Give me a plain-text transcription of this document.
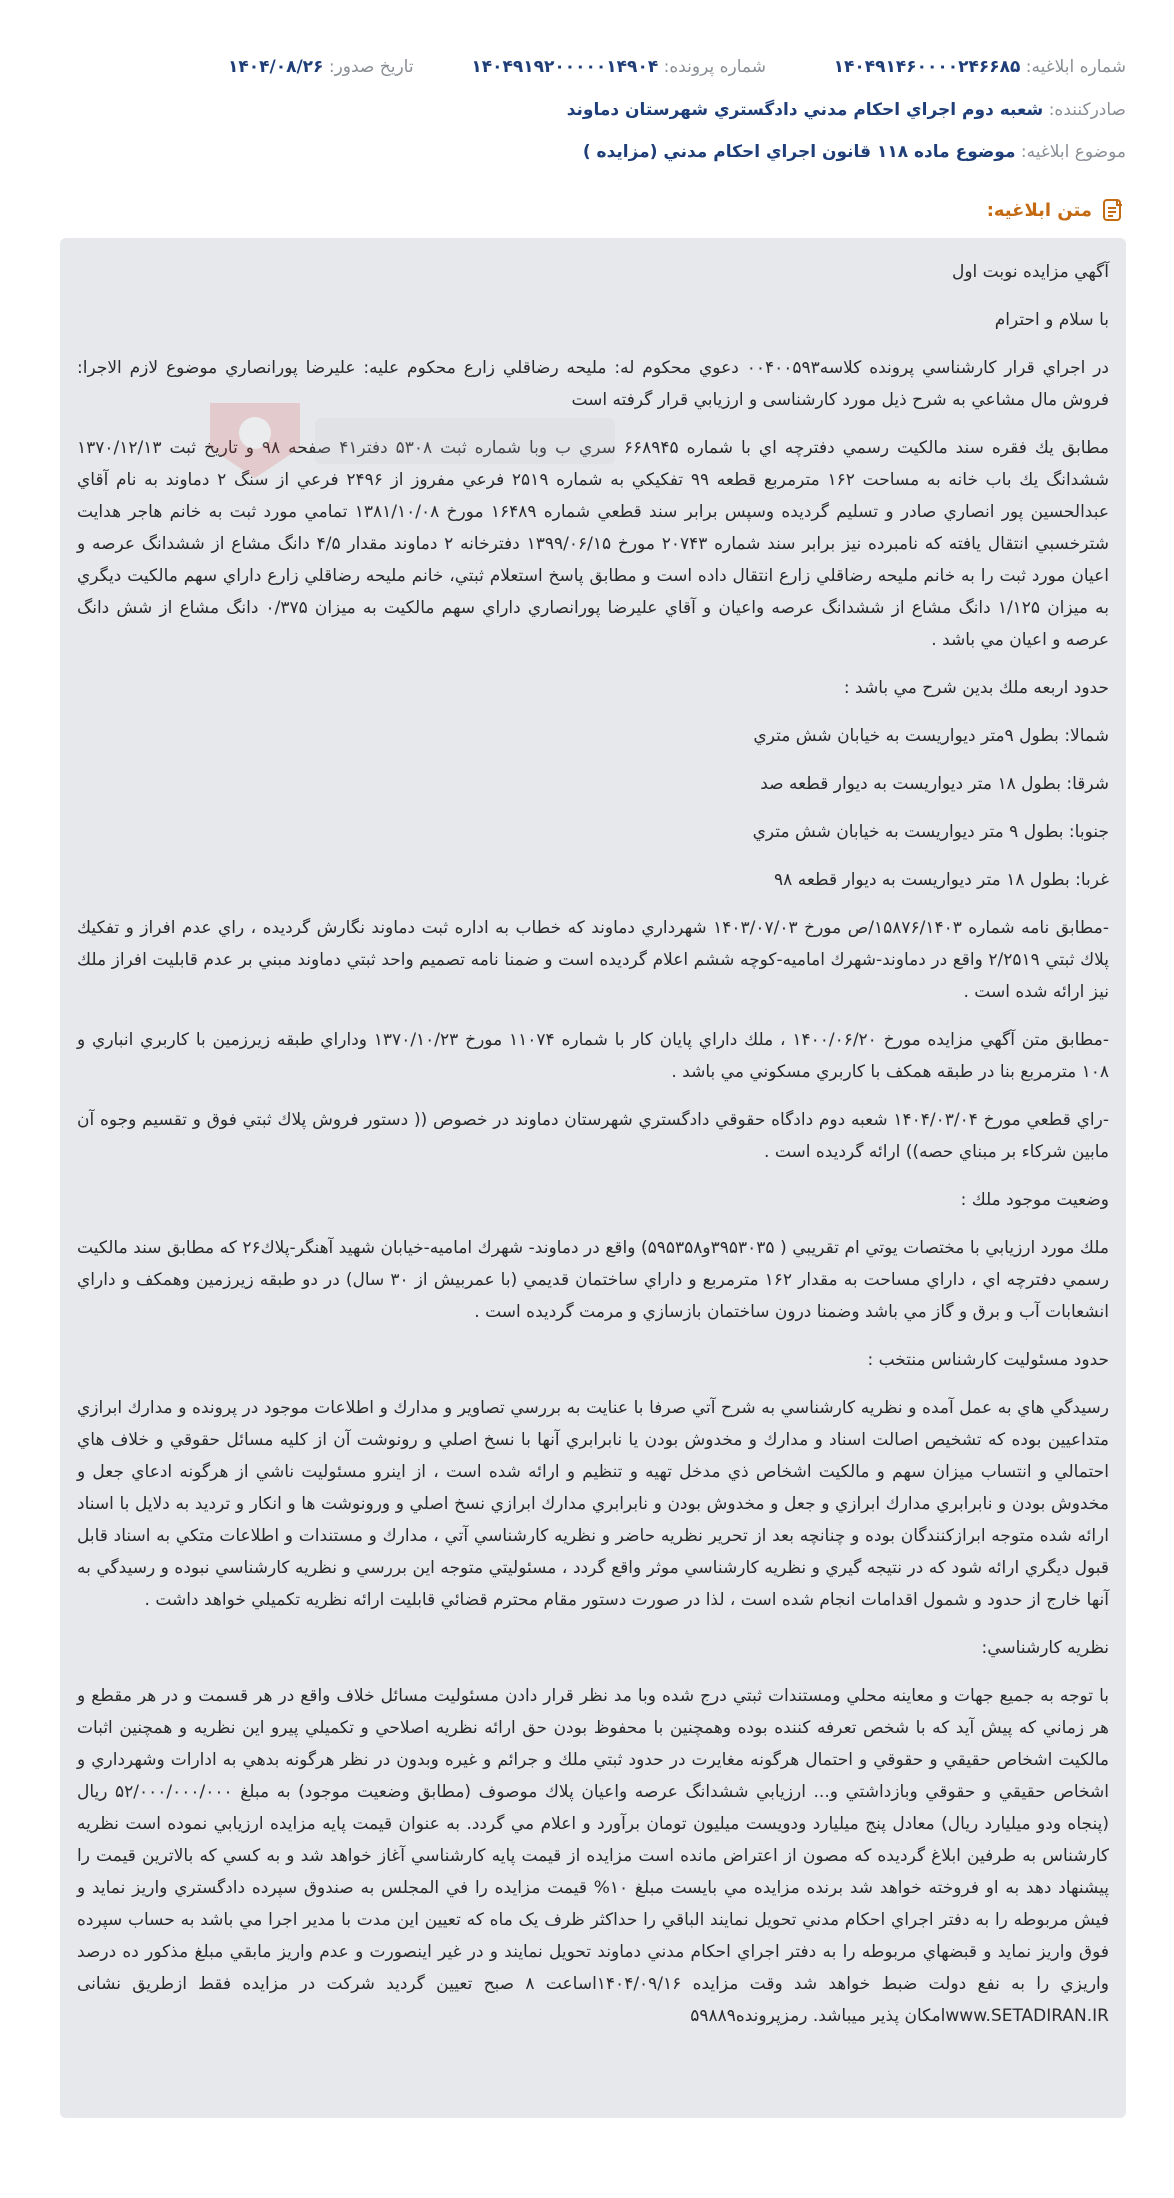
شماره ابلاغيه: ۱۴۰۴۹۱۴۶۰۰۰۰۲۴۶۶۸۵
شماره پرونده: ۱۴۰۴۹۱۹۲۰۰۰۰۰۱۴۹۰۴
تاريخ صدور: ۱۴۰۴/۰۸/۲۶
صادرکننده: شعبه دوم اجراي احكام مدني دادگستري شهرستان دماوند
موضوع ابلاغيه: موضوع ماده ۱۱۸ قانون اجراي احكام مدني (مزايده )
متن ابلاغيه:

آگهي مزايده نوبت اول

با سلام و احترام

در اجراي قرار كارشناسي پرونده كلاسه۰۰۴۰۰۵۹۳ دعوي محكوم له: مليحه رضاقلي زارع محكوم عليه: عليرضا پورانصاري موضوع لازم الاجرا: فروش مال مشاعي به شرح ذيل مورد کارشناسی و ارزيابي قرار گرفته است

مطابق يك فقره سند مالكيت رسمي دفترچه اي با شماره ۶۶۸۹۴۵ سري ب وبا شماره ثبت ۵۳۰۸ دفتر۴۱ صفحه ۹۸ و تاريخ ثبت ۱۳۷۰/۱۲/۱۳ ششدانگ يك باب خانه به مساحت ۱۶۲ مترمربع قطعه ۹۹ تفكيكي به شماره ۲۵۱۹ فرعي مفروز از ۲۴۹۶ فرعي از سنگ ۲ دماوند به نام آقاي عبدالحسين پور انصاري صادر و تسليم گرديده وسپس برابر سند قطعي شماره ۱۶۴۸۹ مورخ ۱۳۸۱/۱۰/۰۸ تمامي مورد ثبت به خانم هاجر هدايت شترخسبي انتقال يافته كه نامبرده نيز برابر سند شماره ۲۰۷۴۳ مورخ ۱۳۹۹/۰۶/۱۵ دفترخانه ۲ دماوند مقدار ۴/۵ دانگ مشاع از ششدانگ عرصه و اعيان مورد ثبت را به خانم مليحه رضاقلي زارع انتقال داده است و مطابق پاسخ استعلام ثبتي، خانم مليحه رضاقلي زارع داراي سهم مالكيت ديگري به ميزان ۱/۱۲۵ دانگ مشاع از ششدانگ عرصه واعيان و آقاي عليرضا پورانصاري داراي سهم مالكيت به ميزان ۰/۳۷۵ دانگ مشاع از شش دانگ عرصه و اعيان مي باشد .

حدود اربعه ملك بدين شرح مي باشد :

شمالا: بطول ۹متر ديواريست به خيابان شش متري

شرقا: بطول ۱۸ متر ديواريست به ديوار قطعه صد

جنوبا: بطول ۹ متر ديواريست به خيابان شش متري

غربا: بطول ۱۸ متر ديواريست به ديوار قطعه ۹۸

-مطابق نامه شماره ۱۵۸۷۶/۱۴۰۳/ص مورخ ۱۴۰۳/۰۷/۰۳ شهرداري دماوند كه خطاب به اداره ثبت دماوند نگارش گرديده ، راي عدم افراز و تفكيك پلاك ثبتي ۲/۲۵۱۹ واقع در دماوند-شهرك اماميه-كوچه ششم اعلام گرديده است و ضمنا نامه تصميم واحد ثبتي دماوند مبني بر عدم قابليت افراز ملك نيز ارائه شده است .

-مطابق متن آگهي مزايده مورخ ۱۴۰۰/۰۶/۲۰ ، ملك داراي پايان كار با شماره ۱۱۰۷۴ مورخ ۱۳۷۰/۱۰/۲۳ وداراي طبقه زيرزمين با كاربري انباري و ۱۰۸ مترمربع بنا در طبقه همكف با كاربري مسكوني مي باشد .

-راي قطعي مورخ ۱۴۰۴/۰۳/۰۴ شعبه دوم دادگاه حقوقي دادگستري شهرستان دماوند در خصوص (( دستور فروش پلاك ثبتي فوق و تقسيم وجوه آن مابين شركاء بر مبناي حصه)) ارائه گرديده است .

وضعيت موجود ملك :

ملك مورد ارزيابي با مختصات يوتي ام تقريبي ( ۳۹۵۳۰۳۵و۵۹۵۳۵۸) واقع در دماوند- شهرك اماميه-خيابان شهيد آهنگر-پلاك۲۶ كه مطابق سند مالكيت رسمي دفترچه اي ، داراي مساحت به مقدار ۱۶۲ مترمربع و داراي ساختمان قديمي (با عمربيش از ۳۰ سال) در دو طبقه زيرزمين وهمكف و داراي انشعابات آب و برق و گاز مي باشد وضمنا درون ساختمان بازسازي و مرمت گرديده است .

حدود مسئوليت كارشناس منتخب :

رسيدگي هاي به عمل آمده و نظريه كارشناسي به شرح آتي صرفا با عنايت به بررسي تصاوير و مدارك و اطلاعات موجود در پرونده و مدارك ابرازي متداعيين بوده كه تشخيص اصالت اسناد و مدارك و مخدوش بودن يا نابرابري آنها با نسخ اصلي و رونوشت آن از كليه مسائل حقوقي و خلاف هاي احتمالي و انتساب ميزان سهم و مالكيت اشخاص ذي مدخل تهيه و تنظيم و ارائه شده است ، از اينرو مسئوليت ناشي از هرگونه ادعاي جعل و مخدوش بودن و نابرابري مدارك ابرازي و جعل و مخدوش بودن و نابرابري مدارك ابرازي نسخ اصلي و ورونوشت ها و انكار و ترديد به دلايل با اسناد ارائه شده متوجه ابرازكنندگان بوده و چنانچه بعد از تحرير نظريه حاضر و نظريه كارشناسي آتي ، مدارك و مستندات و اطلاعات متكي به اسناد قابل قبول ديگري ارائه شود كه در نتيجه گيري و نظريه كارشناسي موثر واقع گردد ، مسئوليتي متوجه اين بررسي و نظريه كارشناسي نبوده و رسيدگي به آنها خارج از حدود و شمول اقدامات انجام شده است ، لذا در صورت دستور مقام محترم قضائي قابليت ارائه نظريه تكميلي خواهد داشت .

نظريه كارشناسي:

با توجه به جميع جهات و معاينه محلي ومستندات ثبتي درج شده وبا مد نظر قرار دادن مسئوليت مسائل خلاف واقع در هر قسمت و در هر مقطع و هر زماني كه پيش آيد كه با شخص تعرفه كننده بوده وهمچنين با محفوظ بودن حق ارائه نظريه اصلاحي و تكميلي پيرو اين نظريه و همچنين اثبات مالكيت اشخاص حقيقي و حقوقي و احتمال هرگونه مغايرت در حدود ثبتي ملك و جرائم و غيره وبدون در نظر هرگونه بدهي به ادارات وشهرداري و اشخاص حقيقي و حقوقي وبازداشتي و... ارزيابي ششدانگ عرصه واعيان پلاك موصوف (مطابق وضعيت موجود) به مبلغ ۵۲/۰۰۰/۰۰۰/۰۰۰ ريال (پنجاه ودو ميليارد ريال) معادل پنج ميليارد ودويست ميليون تومان برآورد و اعلام مي گردد. به عنوان قيمت پايه مزايده ارزيابي نموده است نظريه كارشناس به طرفين ابلاغ گرديده كه مصون از اعتراض مانده است مزايده از قيمت پايه كارشناسي آغاز خواهد شد و به كسي كه بالاترين قيمت را پيشنهاد دهد به او فروخته خواهد شد برنده مزايده مي بايست مبلغ ۱۰% قيمت مزايده را في المجلس به صندوق سپرده دادگستري واريز نمايد و فيش مربوطه را به دفتر اجراي احكام مدني تحويل نمايند الباقي را حداكثر ظرف يک ماه كه تعيين اين مدت با مدير اجرا مي باشد به حساب سپرده فوق واريز نمايد و قبضهاي مربوطه را به دفتر اجراي احكام مدني دماوند تحويل نمايند و در غير اينصورت و عدم واريز مابقي مبلغ مذكور ده درصد واريزي را به نفع دولت ضبط خواهد شد وقت مزايده ۱۴۰۴/۰۹/۱۶اساعت ۸ صبح تعيين گرديد شركت در مزايده فقط ازطريق نشانى www.SETADIRAN.IRامكان پذير ميباشد. رمزپرونده۵۹۸۸۹
